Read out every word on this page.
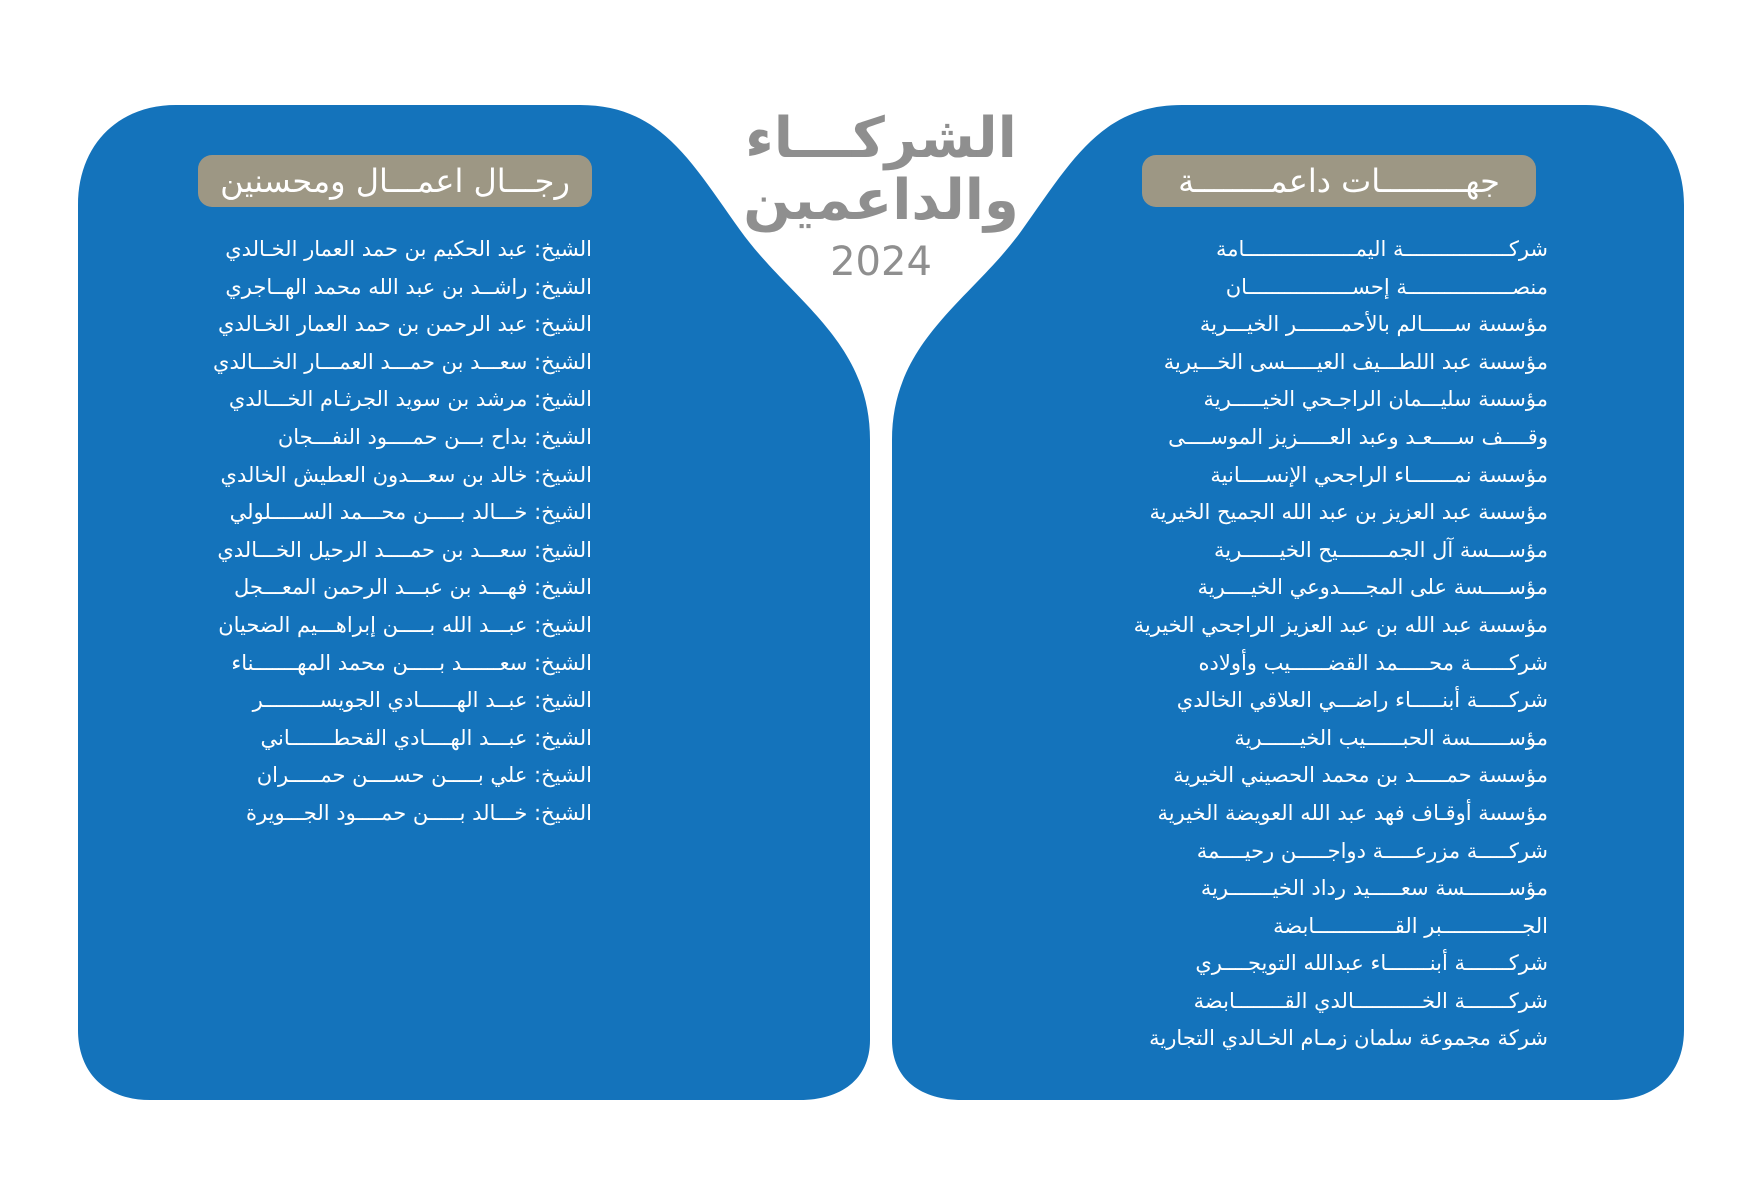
الشركـــاء
والداعمين
2024
رجـــال اعمـــال ومحسنين	جهـــــــــات داعمــــــــة
الشيخ: عبد الحكيم بن حمد العمار الخـالدي
الشيخ: راشــد بن عبد الله محمد الهــاجري
الشيخ: عبد الرحمن بن حمد العمار الخـالدي
الشيخ: سعـــد بن حمـــد العمـــار الخـــالدي
الشيخ: مرشد بن سويد الجرثـام الخـــالدي
الشيخ: بداح بـــن حمــــود النفـــجان
الشيخ: خالد بن سعـــدون العطيش الخالدي
الشيخ: خـــالد بـــــن محـــمد الســـــلولي
الشيخ: سعـــد بن حمــــد الرحيل الخـــالدي
الشيخ: فهـــد بن عبـــد الرحمن المعـــجل
الشيخ: عبـــد الله بـــــن إبراهـــيم الضحيان
الشيخ: سعــــــد بـــــن محمد المهـــــــناء
الشيخ: عبــد الهــــــادي الجويســـــــــر
الشيخ: عبـــد الهــــادي القحطـــــــاني
الشيخ: علي بـــــن حســــن حمـــــران
الشيخ: خـــالد بـــــن حمــــود الجـــويرة
شركـــــــــــــــــة اليمــــــــــــــــــامة
منصـــــــــــــــــة إحســـــــــــــــــان
مؤسسة ســـــالم بالأحمـــــــر الخيـــرية
مؤسسة عبد اللطـــيف العيـــــسى الخـــيرية
مؤسسة سليـــمان الراجـحي الخيـــــرية
وقــــف ســــعـد وعبد العـــــزيز الموســــى
مؤسسة نمـــــــاء الراجحي الإنســــانية
مؤسسة عبد العزيز بن عبد الله الجميح الخيرية
مؤســـسة آل الجمــــــــيح الخيــــــرية
مؤســــسة على المجــــدوعي الخيــــرية
مؤسسة عبد الله بن عبد العزيز الراجحي الخيرية
شركــــــة محـــــمد القضــــــيب وأولاده
شركـــــة أبنـــــاء راضـــي العلاقي الخالدي
مؤســــــسة الحبــــــيب الخيــــــرية
مؤسسة حمـــــد بن محمد الحصيني الخيرية
مؤسسة أوقـاف فهد عبد الله العويضة الخيرية
شركـــــة مزرعـــــة دواجـــــن رحيــــمة
مؤســـــــسة سعـــــيد رداد الخيـــــــرية
الجـــــــــــــبر القـــــــــــــابضة
شركـــــــة أبنـــــــاء عبدالله التويجــــري
شركـــــــة الخـــــــــــالدي القــــــــابضة
شركة مجموعة سلمان زمـام الخـالدي التجارية
